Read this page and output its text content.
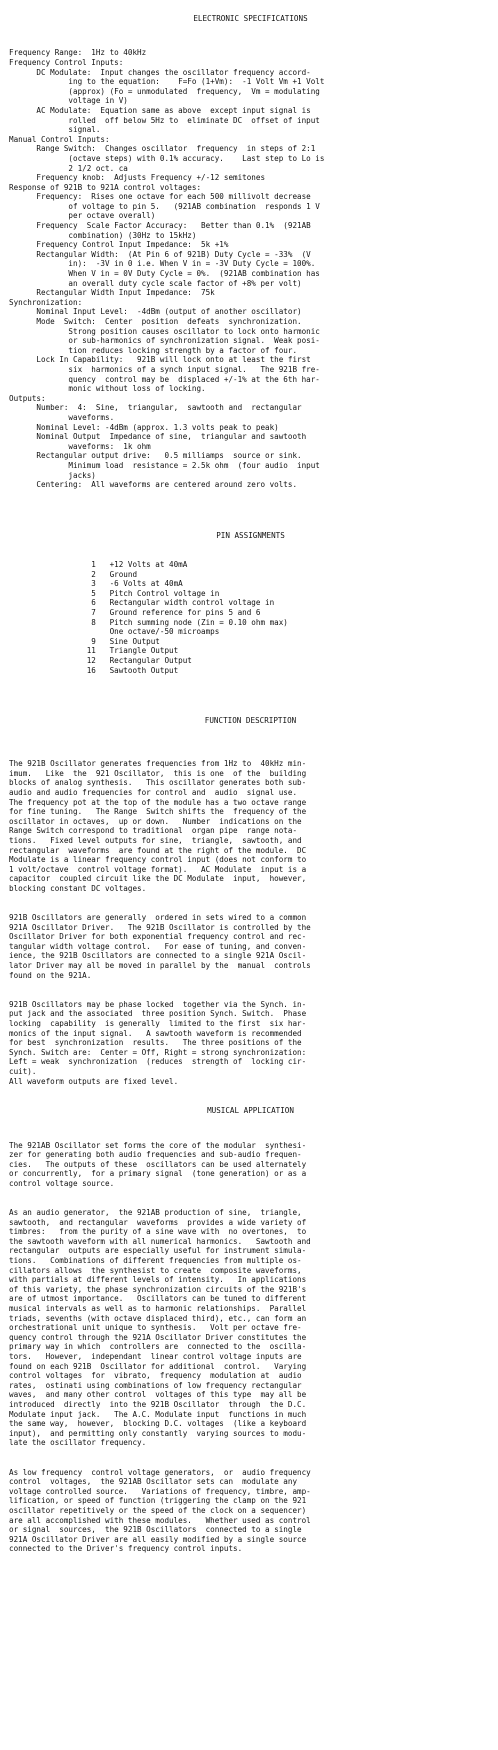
ELECTRONIC SPECIFICATIONS

Frequency Range:  1Hz to 40kHz
Frequency Control Inputs:
DC Modulate:  Input changes the oscillator frequency accord-
ing to the equation:    F=Fo (1+Vm):  -1 Volt Vm +1 Volt
(approx) (Fo = unmodulated  frequency,  Vm = modulating
voltage in V)
AC Modulate:  Equation same as above  except input signal is
rolled  off below 5Hz to  eliminate DC  offset of input
signal.
Manual Control Inputs:
Range Switch:  Changes oscillator  frequency  in steps of 2:1
(octave steps) with 0.1% accuracy.    Last step to Lo is
2 1/2 oct. ca
Frequency knob:  Adjusts Frequency +/-12 semitones
Response of 921B to 921A control voltages:
Frequency:  Rises one octave for each 500 millivolt decrease
of voltage to pin 5.   (921AB combination  responds 1 V
per octave overall)
Frequency  Scale Factor Accuracy:   Better than 0.1%  (921AB
combination) (30Hz to 15kHz)
Frequency Control Input Impedance:  5k +1%
Rectangular Width:  (At Pin 6 of 921B) Duty Cycle = -33%  (V
in):  -3V in 0 i.e. When V in = -3V Duty Cycle = 100%.
When V in = 0V Duty Cycle = 0%.  (921AB combination has
an overall duty cycle scale factor of +8% per volt)
Rectangular Width Input Impedance:  75k
Synchronization:
Nominal Input Level:  -4dBm (output of another oscillator)
Mode  Switch:  Center  position  defeats  synchronization.
Strong position causes oscillator to lock onto harmonic
or sub-harmonics of synchronization signal.  Weak posi-
tion reduces locking strength by a factor of four.
Lock In Capability:   921B will lock onto at least the first
six  harmonics of a synch input signal.   The 921B fre-
quency  control may be  displaced +/-1% at the 6th har-
monic without loss of locking.
Outputs:
Number:  4:  Sine,  triangular,  sawtooth and  rectangular
waveforms.
Nominal Level: -4dBm (approx. 1.3 volts peak to peak)
Nominal Output  Impedance of sine,  triangular and sawtooth
waveforms:  1k ohm
Rectangular output drive:   0.5 milliamps  source or sink.
Minimum load  resistance = 2.5k ohm  (four audio  input
jacks)
Centering:  All waveforms are centered around zero volts.

PIN ASSIGNMENTS

1   +12 Volts at 40mA
2   Ground
3   -6 Volts at 40mA
5   Pitch Control voltage in
6   Rectangular width control voltage in
7   Ground reference for pins 5 and 6
8   Pitch summing node (Zin = 0.10 ohm max)
One octave/-50 microamps
9   Sine Output
11   Triangle Output
12   Rectangular Output
16   Sawtooth Output

FUNCTION DESCRIPTION

The 921B Oscillator generates frequencies from 1Hz to  40kHz min-
imum.   Like  the  921 Oscillator,  this is one  of the  building
blocks of analog synthesis.   This oscillator generates both sub-
audio and audio frequencies for control and  audio  signal use.
The frequency pot at the top of the module has a two octave range
for fine tuning.   The Range  Switch shifts the  frequency of the
oscillator in octaves,  up or down.   Number  indications on the
Range Switch correspond to traditional  organ pipe  range nota-
tions.   Fixed level outputs for sine,  triangle,  sawtooth, and
rectangular  waveforms  are found at the right of the module.  DC
Modulate is a linear frequency control input (does not conform to
1 volt/octave  control voltage format).   AC Modulate  input is a
capacitor  coupled circuit like the DC Modulate  input,  however,
blocking constant DC voltages.

921B Oscillators are generally  ordered in sets wired to a common
921A Oscillator Driver.   The 921B Oscillator is controlled by the
Oscillator Driver for both exponential frequency control and rec-
tangular width voltage control.   For ease of tuning, and conven-
ience, the 921B Oscillators are connected to a single 921A Oscil-
lator Driver may all be moved in parallel by the  manual  controls
found on the 921A.

921B Oscillators may be phase locked  together via the Synch. in-
put jack and the associated  three position Synch. Switch.  Phase
locking  capability  is generally  limited to the first  six har-
monics of the input signal.   A sawtooth waveform is recommended
for best  synchronization  results.   The three positions of the
Synch. Switch are:  Center = Off, Right = strong synchronization:
Left = weak  synchronization  (reduces  strength of  locking cir-
cuit).
All waveform outputs are fixed level.

MUSICAL APPLICATION

The 921AB Oscillator set forms the core of the modular  synthesi-
zer for generating both audio frequencies and sub-audio frequen-
cies.   The outputs of these  oscillators can be used alternately
or concurrently,  for a primary signal  (tone generation) or as a
control voltage source.

As an audio generator,  the 921AB production of sine,  triangle,
sawtooth,  and rectangular  waveforms  provides a wide variety of
timbres:   from the purity of a sine wave with  no overtones,  to
the sawtooth waveform with all numerical harmonics.   Sawtooth and
rectangular  outputs are especially useful for instrument simula-
tions.   Combinations of different frequencies from multiple os-
cillators allows  the synthesist to create  composite waveforms,
with partials at different levels of intensity.   In applications
of this variety, the phase synchronization circuits of the 921B's
are of utmost importance.   Oscillators can be tuned to different
musical intervals as well as to harmonic relationships.  Parallel
triads, sevenths (with octave displaced third), etc., can form an
orchestrational unit unique to synthesis.   Volt per octave fre-
quency control through the 921A Oscillator Driver constitutes the
primary way in which  controllers are  connected to the  oscilla-
tors.   However,  independant  linear control voltage inputs are
found on each 921B  Oscillator for additional  control.   Varying
control voltages  for  vibrato,  frequency  modulation at  audio
rates,  ostinati using combinations of low frequency rectangular
waves,  and many other control  voltages of this type  may all be
introduced  directly  into the 921B Oscillator  through  the D.C.
Modulate input jack.   The A.C. Modulate input  functions in much
the same way,  however,  blocking D.C. voltages  (like a keyboard
input),  and permitting only constantly  varying sources to modu-
late the oscillator frequency.

As low frequency  control voltage generators,  or  audio frequency
control  voltages,  the 921AB Oscillator sets can  modulate any
voltage controlled source.   Variations of frequency, timbre, amp-
lification, or speed of function (triggering the clamp on the 921
oscillator repetitively or the speed of the clock on a sequencer)
are all accomplished with these modules.   Whether used as control
or signal  sources,  the 921B Oscillators  connected to a single
921A Oscillator Driver are all easily modified by a single source
connected to the Driver's frequency control inputs.
